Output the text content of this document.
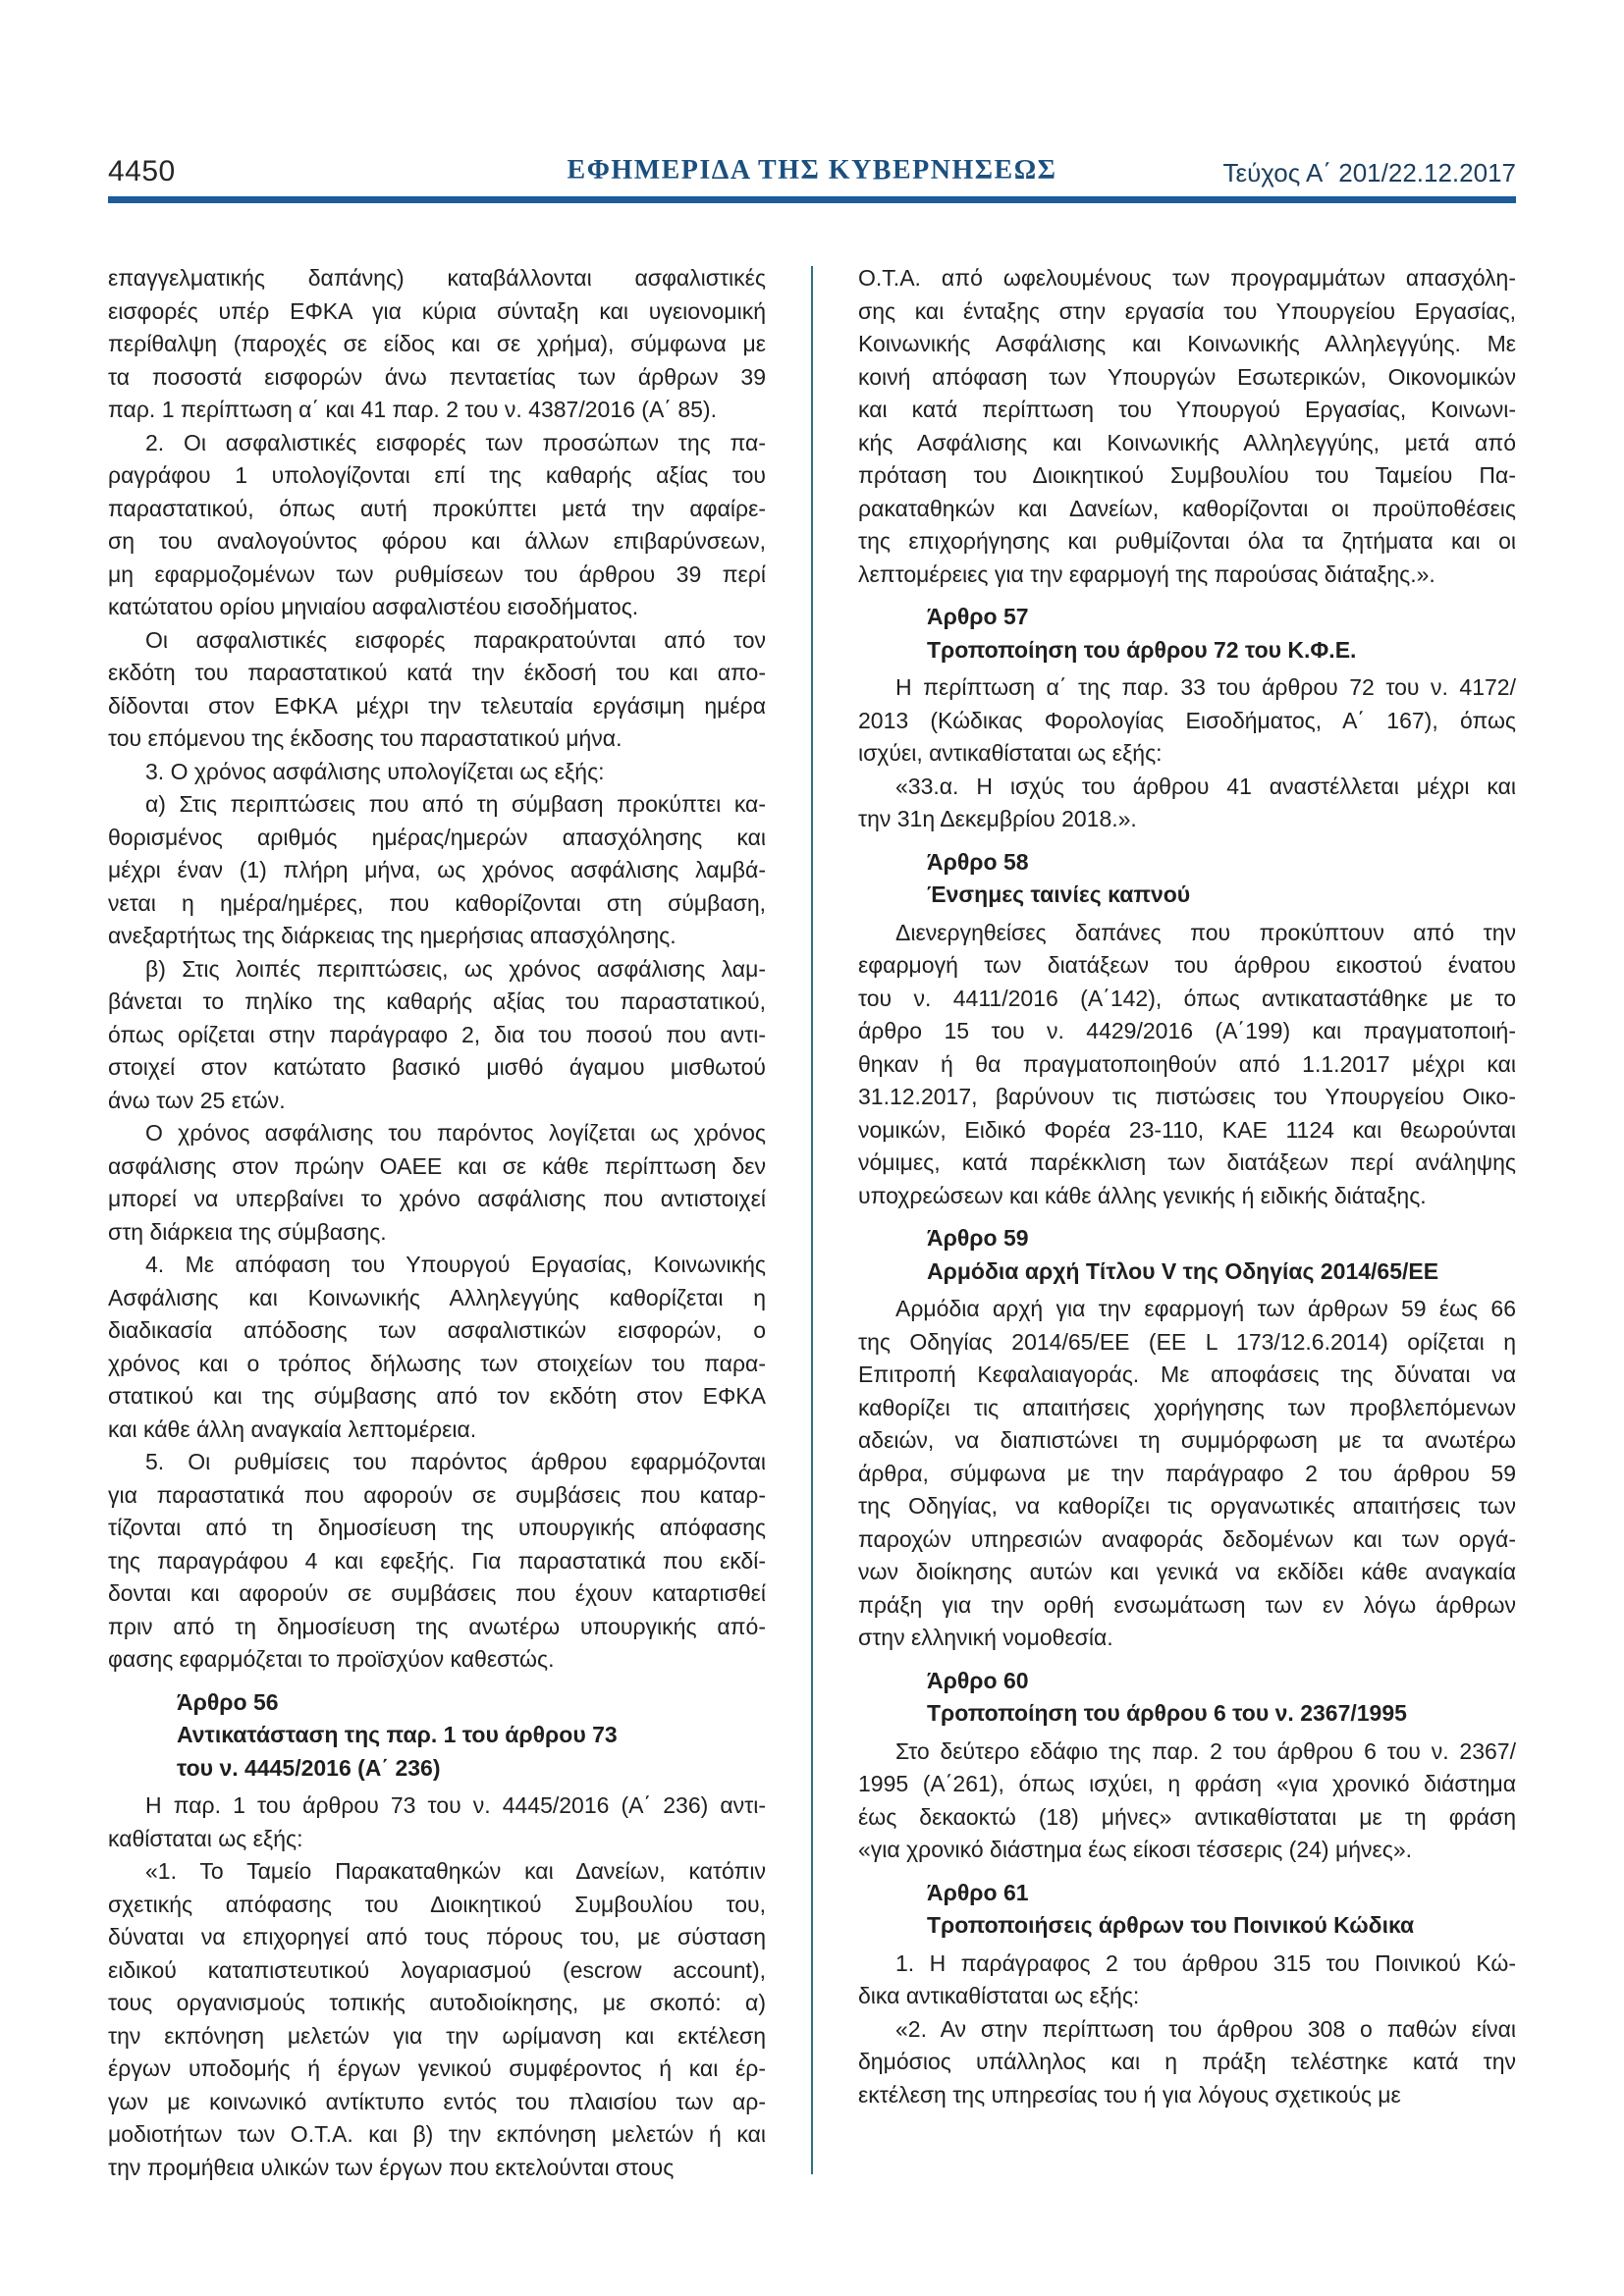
4450	ΕΦΗΜΕΡΙΔΑ ΤΗΣ ΚΥΒΕΡΝΗΣΕΩΣ	Τεύχος Α΄ 201/22.12.2017
επαγγελματικής δαπάνης) καταβάλλονται ασφαλιστικές
εισφορές υπέρ ΕΦΚΑ για κύρια σύνταξη και υγειονομική
περίθαλψη (παροχές σε είδος και σε χρήμα), σύμφωνα με
τα ποσοστά εισφορών άνω πενταετίας των άρθρων 39
παρ. 1 περίπτωση α΄ και 41 παρ. 2 του ν. 4387/2016 (Α΄ 85).
2. Οι ασφαλιστικές εισφορές των προσώπων της πα-
ραγράφου 1 υπολογίζονται επί της καθαρής αξίας του
παραστατικού, όπως αυτή προκύπτει μετά την αφαίρε-
ση του αναλογούντος φόρου και άλλων επιβαρύνσεων,
μη εφαρμοζομένων των ρυθμίσεων του άρθρου 39 περί
κατώτατου ορίου μηνιαίου ασφαλιστέου εισοδήματος.
Οι ασφαλιστικές εισφορές παρακρατούνται από τον
εκδότη του παραστατικού κατά την έκδοσή του και απο-
δίδονται στον ΕΦΚΑ μέχρι την τελευταία εργάσιμη ημέρα
του επόμενου της έκδοσης του παραστατικού μήνα.
3. Ο χρόνος ασφάλισης υπολογίζεται ως εξής:
α) Στις περιπτώσεις που από τη σύμβαση προκύπτει κα-
θορισμένος αριθμός ημέρας/ημερών απασχόλησης και
μέχρι έναν (1) πλήρη μήνα, ως χρόνος ασφάλισης λαμβά-
νεται η ημέρα/ημέρες, που καθορίζονται στη σύμβαση,
ανεξαρτήτως της διάρκειας της ημερήσιας απασχόλησης.
β) Στις λοιπές περιπτώσεις, ως χρόνος ασφάλισης λαμ-
βάνεται το πηλίκο της καθαρής αξίας του παραστατικού,
όπως ορίζεται στην παράγραφο 2, δια του ποσού που αντι-
στοιχεί στον κατώτατο βασικό μισθό άγαμου μισθωτού
άνω των 25 ετών.
Ο χρόνος ασφάλισης του παρόντος λογίζεται ως χρόνος
ασφάλισης στον πρώην ΟΑΕΕ και σε κάθε περίπτωση δεν
μπορεί να υπερβαίνει το χρόνο ασφάλισης που αντιστοιχεί
στη διάρκεια της σύμβασης.
4. Με απόφαση του Υπουργού Εργασίας, Κοινωνικής
Ασφάλισης και Κοινωνικής Αλληλεγγύης καθορίζεται η
διαδικασία απόδοσης των ασφαλιστικών εισφορών, ο
χρόνος και ο τρόπος δήλωσης των στοιχείων του παρα-
στατικού και της σύμβασης από τον εκδότη στον ΕΦΚΑ
και κάθε άλλη αναγκαία λεπτομέρεια.
5. Οι ρυθμίσεις του παρόντος άρθρου εφαρμόζονται
για παραστατικά που αφορούν σε συμβάσεις που καταρ-
τίζονται από τη δημοσίευση της υπουργικής απόφασης
της παραγράφου 4 και εφεξής. Για παραστατικά που εκδί-
δονται και αφορούν σε συμβάσεις που έχουν καταρτισθεί
πριν από τη δημοσίευση της ανωτέρω υπουργικής από-
φασης εφαρμόζεται το προϊσχύον καθεστώς.
Άρθρο 56
Αντικατάσταση της παρ. 1 του άρθρου 73
του ν. 4445/2016 (Α΄ 236)
Η παρ. 1 του άρθρου 73 του ν. 4445/2016 (Α΄ 236) αντι-
καθίσταται ως εξής:
«1. Το Ταμείο Παρακαταθηκών και Δανείων, κατόπιν
σχετικής απόφασης του Διοικητικού Συμβουλίου του,
δύναται να επιχορηγεί από τους πόρους του, με σύσταση
ειδικού καταπιστευτικού λογαριασμού (escrow account),
τους οργανισμούς τοπικής αυτοδιοίκησης, με σκοπό: α)
την εκπόνηση μελετών για την ωρίμανση και εκτέλεση
έργων υποδομής ή έργων γενικού συμφέροντος ή και έρ-
γων με κοινωνικό αντίκτυπο εντός του πλαισίου των αρ-
μοδιοτήτων των Ο.Τ.Α. και β) την εκπόνηση μελετών ή και
την προμήθεια υλικών των έργων που εκτελούνται στους
Ο.Τ.Α. από ωφελουμένους των προγραμμάτων απασχόλη-
σης και ένταξης στην εργασία του Υπουργείου Εργασίας,
Κοινωνικής Ασφάλισης και Κοινωνικής Αλληλεγγύης. Με
κοινή απόφαση των Υπουργών Εσωτερικών, Οικονομικών
και κατά περίπτωση του Υπουργού Εργασίας, Κοινωνι-
κής Ασφάλισης και Κοινωνικής Αλληλεγγύης, μετά από
πρόταση του Διοικητικού Συμβουλίου του Ταμείου Πα-
ρακαταθηκών και Δανείων, καθορίζονται οι προϋποθέσεις
της επιχορήγησης και ρυθμίζονται όλα τα ζητήματα και οι
λεπτομέρειες για την εφαρμογή της παρούσας διάταξης.».
Άρθρο 57
Τροποποίηση του άρθρου 72 του Κ.Φ.Ε.
Η περίπτωση α΄ της παρ. 33 του άρθρου 72 του ν. 4172/
2013 (Κώδικας Φορολογίας Εισοδήματος, Α΄ 167), όπως
ισχύει, αντικαθίσταται ως εξής:
«33.α. Η ισχύς του άρθρου 41 αναστέλλεται μέχρι και
την 31η Δεκεμβρίου 2018.».
Άρθρο 58
Ένσημες ταινίες καπνού
Διενεργηθείσες δαπάνες που προκύπτουν από την
εφαρμογή των διατάξεων του άρθρου εικοστού ένατου
του ν. 4411/2016 (Α΄142), όπως αντικαταστάθηκε με το
άρθρο 15 του ν. 4429/2016 (Α΄199) και πραγματοποιή-
θηκαν ή θα πραγματοποιηθούν από 1.1.2017 μέχρι και
31.12.2017, βαρύνουν τις πιστώσεις του Υπουργείου Οικο-
νομικών, Ειδικό Φορέα 23-110, ΚΑΕ 1124 και θεωρούνται
νόμιμες, κατά παρέκκλιση των διατάξεων περί ανάληψης
υποχρεώσεων και κάθε άλλης γενικής ή ειδικής διάταξης.
Άρθρο 59
Αρμόδια αρχή Τίτλου V της Οδηγίας 2014/65/ΕΕ
Αρμόδια αρχή για την εφαρμογή των άρθρων 59 έως 66
της Οδηγίας 2014/65/ΕΕ (ΕΕ L 173/12.6.2014) ορίζεται η
Επιτροπή Κεφαλαιαγοράς. Με αποφάσεις της δύναται να
καθορίζει τις απαιτήσεις χορήγησης των προβλεπόμενων
αδειών, να διαπιστώνει τη συμμόρφωση με τα ανωτέρω
άρθρα, σύμφωνα με την παράγραφο 2 του άρθρου 59
της Οδηγίας, να καθορίζει τις οργανωτικές απαιτήσεις των
παροχών υπηρεσιών αναφοράς δεδομένων και των οργά-
νων διοίκησης αυτών και γενικά να εκδίδει κάθε αναγκαία
πράξη για την ορθή ενσωμάτωση των εν λόγω άρθρων
στην ελληνική νομοθεσία.
Άρθρο 60
Τροποποίηση του άρθρου 6 του ν. 2367/1995
Στο δεύτερο εδάφιο της παρ. 2 του άρθρου 6 του ν. 2367/
1995 (Α΄261), όπως ισχύει, η φράση «για χρονικό διάστημα
έως δεκαοκτώ (18) μήνες» αντικαθίσταται με τη φράση
«για χρονικό διάστημα έως είκοσι τέσσερις (24) μήνες».
Άρθρο 61
Τροποποιήσεις άρθρων του Ποινικού Κώδικα
1. Η παράγραφος 2 του άρθρου 315 του Ποινικού Κώ-
δικα αντικαθίσταται ως εξής:
«2. Αν στην περίπτωση του άρθρου 308 ο παθών είναι
δημόσιος υπάλληλος και η πράξη τελέστηκε κατά την
εκτέλεση της υπηρεσίας του ή για λόγους σχετικούς με
